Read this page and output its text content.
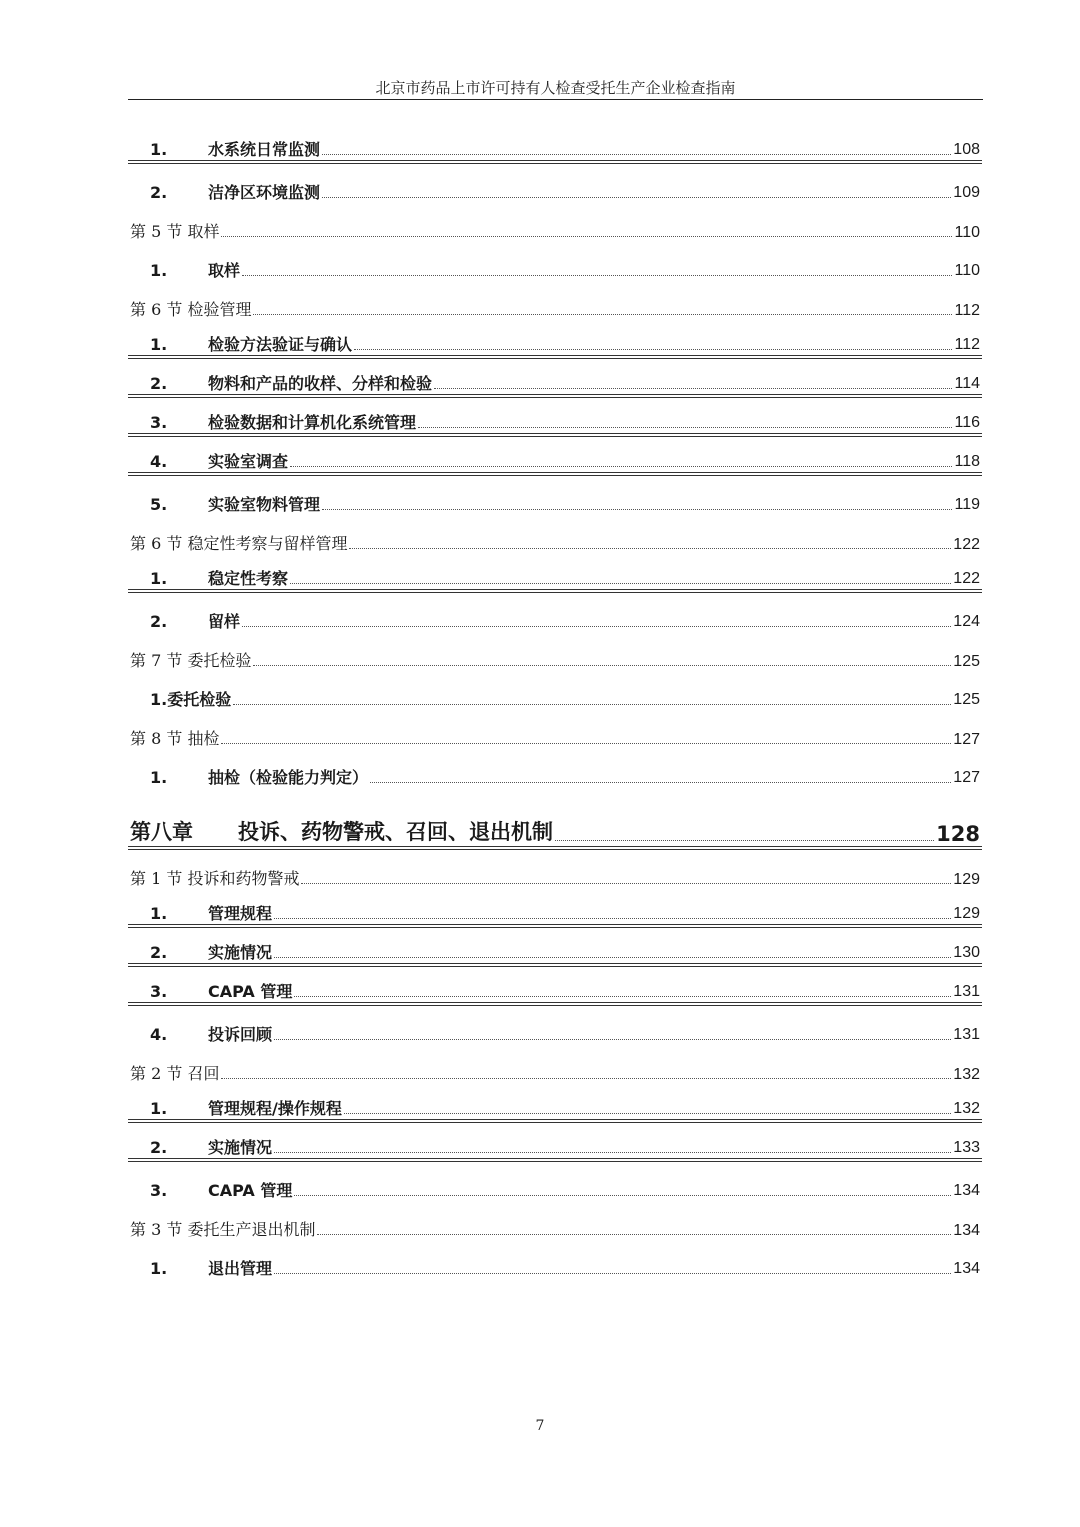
北京市药品上市许可持有人检查受托生产企业检查指南
1.	水系统日常监测	108
2.	洁净区环境监测	109
第 5 节 取样	110
1.	取样	110
第 6 节 检验管理	112
1.	检验方法验证与确认	112
2.	物料和产品的收样、分样和检验	114
3.	检验数据和计算机化系统管理	116
4.	实验室调查	118
5.	实验室物料管理	119
第 6 节 稳定性考察与留样管理	122
1.	稳定性考察	122
2.	留样	124
第 7 节 委托检验	125
1.委托检验	125
第 8 节 抽检	127
1.	抽检（检验能力判定）	127
第八章	投诉、药物警戒、召回、退出机制	128
第 1 节 投诉和药物警戒	129
1.	管理规程	129
2.	实施情况	130
3.	CAPA 管理	131
4.	投诉回顾	131
第 2 节 召回	132
1.	管理规程/操作规程	132
2.	实施情况	133
3.	CAPA 管理	134
第 3 节 委托生产退出机制	134
1.	退出管理	134
7
